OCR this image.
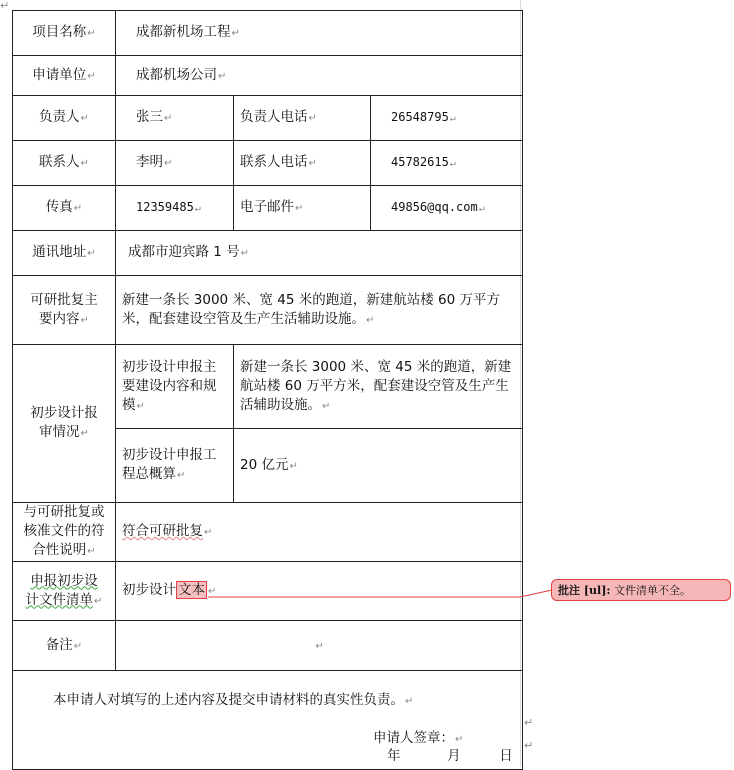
↵
项目名称↵	成都新机场工程↵		
申请单位↵	成都机场公司↵		
负责人↵	张三↵	负责人电话↵	26548795↵
联系人↵	李明↵	联系人电话↵	45782615↵
传真↵	12359485↵	电子邮件↵	49856@qq.com↵
通讯地址↵	成都市迎宾路 1 号↵		
可研批复主要内容↵	新建一条长 3000 米、宽 45 米的跑道，新建航站楼 60 万平方米，配套建设空管及生产生活辅助设施。↵		
初步设计报审情况↵	初步设计申报主要建设内容和规模↵	新建一条长 3000 米、宽 45 米的跑道，新建航站楼 60 万平方米，配套建设空管及生产生活辅助设施。↵	
	初步设计申报工程总概算↵	20 亿元↵	
与可研批复或核准文件的符合性说明↵	符合可研批复↵		
申报初步设计文件清单↵	初步设计 文本 ↵		
备注↵	↵		

本申请人对填写的上述内容及提交申请材料的真实性负责。↵
申请人签章：↵
年 月 日			
↵
↵
批注 [ul]: 文件清单不全。
